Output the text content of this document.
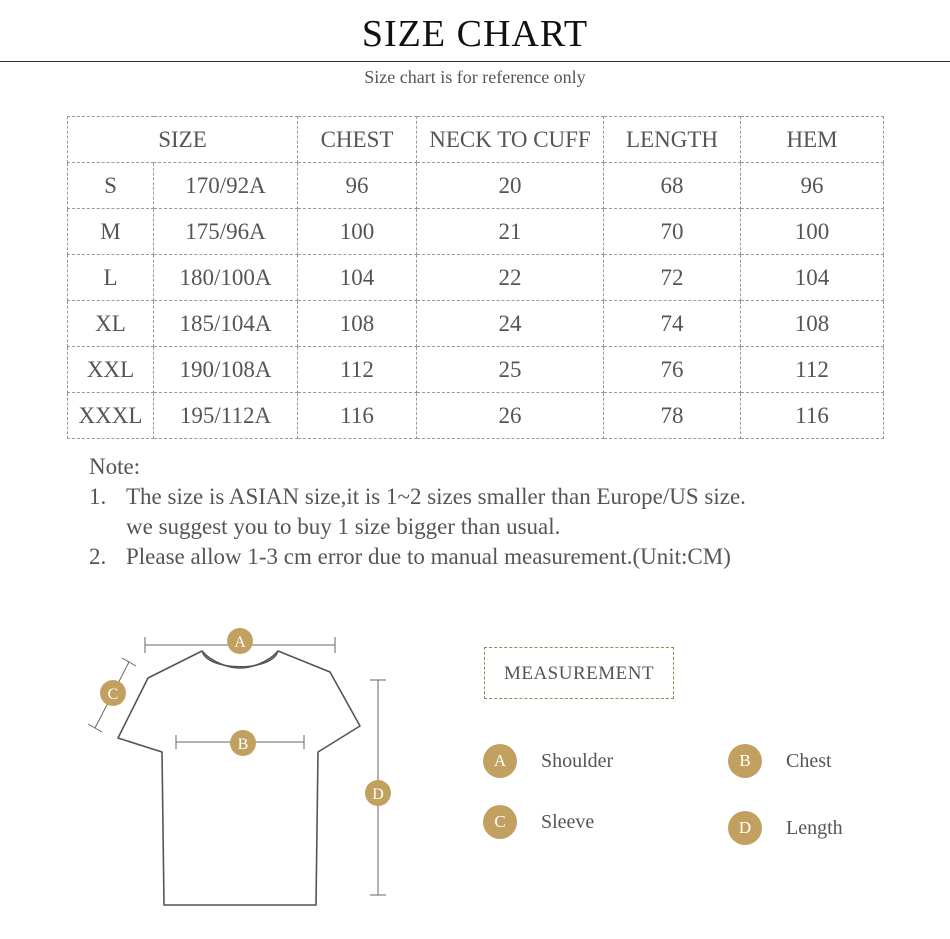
SIZE CHART
Size chart is for reference only
SIZE		CHEST	NECK TO CUFF	LENGTH	HEM
S	170/92A	96	20	68	96
M	175/96A	100	21	70	100
L	180/100A	104	22	72	104
XL	185/104A	108	24	74	108
XXL	190/108A	112	25	76	112
XXXL	195/112A	116	26	78	116
Note:
1. The size is ASIAN size,it is 1~2 sizes smaller than Europe/US size.
we suggest you to buy 1 size bigger than usual.
2. Please allow 1-3 cm error due to manual measurement.(Unit:CM)
A
B
C
D
MEASUREMENT
A	Shoulder	B	Chest
C	Sleeve	D	Length
